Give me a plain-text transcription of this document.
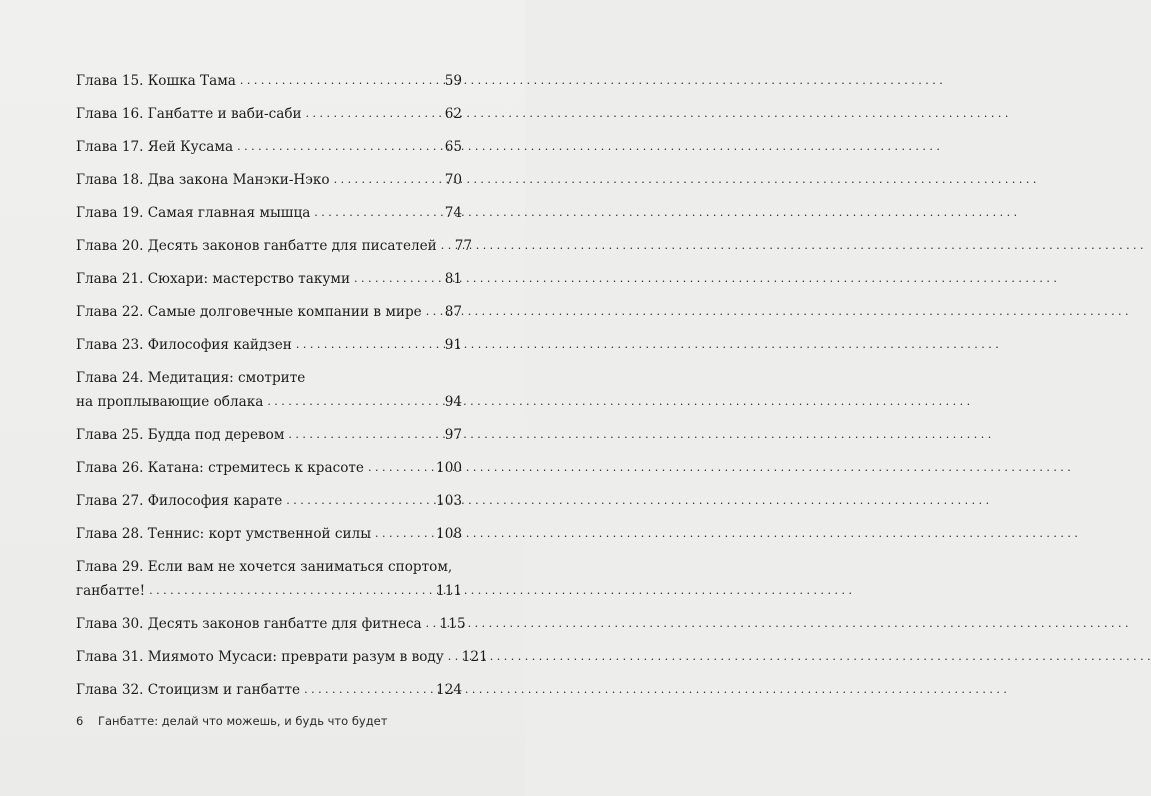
Глава 15. Кошка Тама . . .	59
Глава 16. Ганбатте и ваби-саби . . .	62
Глава 17. Яей Кусама . . .	65
Глава 18. Два закона Манэки-Нэко . . .	70
Глава 19. Самая главная мышца . . .	74
Глава 20. Десять законов ганбатте для писателей . . . 77
Глава 21. Сюхари: мастерство такуми . . .	81
Глава 22. Самые долговечные компании в мире . . . 87
Глава 23. Философия кайдзен . . .	91
Глава 24. Медитация: смотрите
на проплывающие облака . . .	94
Глава 25. Будда под деревом . . .	97
Глава 26. Катана: стремитесь к красоте . . .	100
Глава 27. Философия карате . . .	103
Глава 28. Теннис: корт умственной силы . . .	108
Глава 29. Если вам не хочется заниматься спортом,
ганбатте! . . .	111
Глава 30. Десять законов ганбатте для фитнеса . . . 115
Глава 31. Миямото Мусаси: преврати разум в воду . . . 121
Глава 32. Стоицизм и ганбатте . . .	124
6 Ганбатте: делай что можешь, и будь что будет
